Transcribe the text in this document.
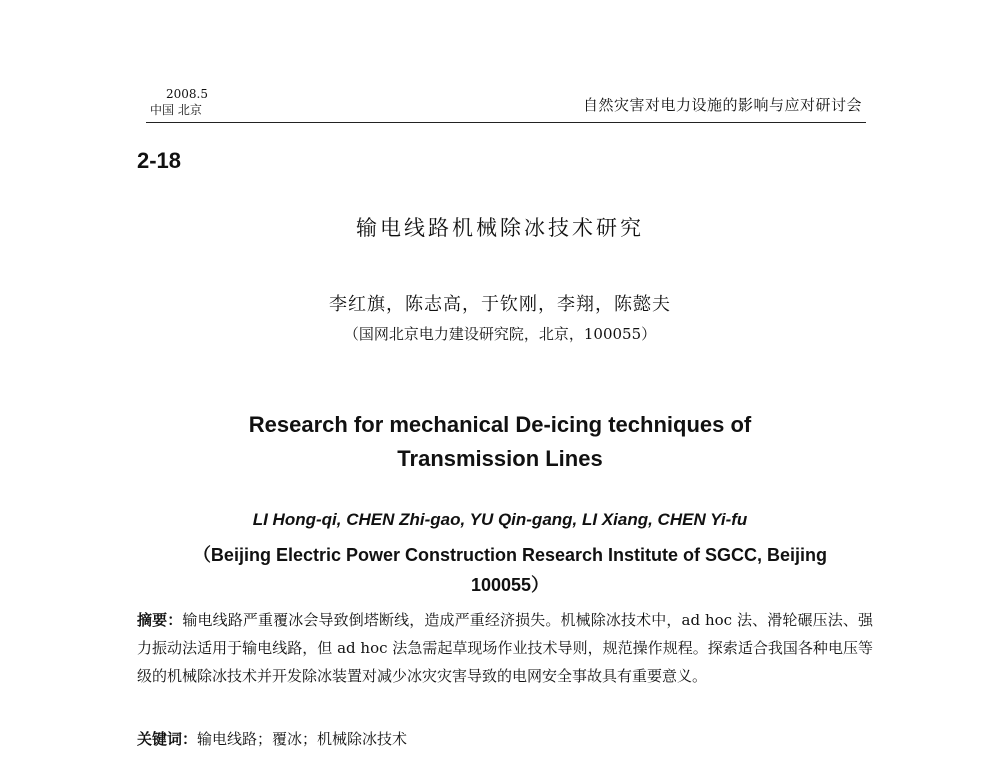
2008.5
中国 北京	自然灾害对电力设施的影响与应对研讨会
2-18
输电线路机械除冰技术研究
李红旗，陈志高，于钦刚，李翔，陈懿夫
（国网北京电力建设研究院，北京，100055）
Research for mechanical De-icing techniques of
Transmission Lines
LI Hong-qi, CHEN Zhi-gao, YU Qin-gang, LI Xiang, CHEN Yi-fu
（Beijing Electric Power Construction Research Institute of SGCC, Beijing
100055）
摘要：输电线路严重覆冰会导致倒塔断线，造成严重经济损失。机械除冰技术中，ad hoc 法、滑轮碾压法、强力振动法适用于输电线路，但 ad hoc 法急需起草现场作业技术导则，规范操作规程。探索适合我国各种电压等级的机械除冰技术并开发除冰装置对减少冰灾灾害导致的电网安全事故具有重要意义。
关键词：输电线路；覆冰；机械除冰技术
